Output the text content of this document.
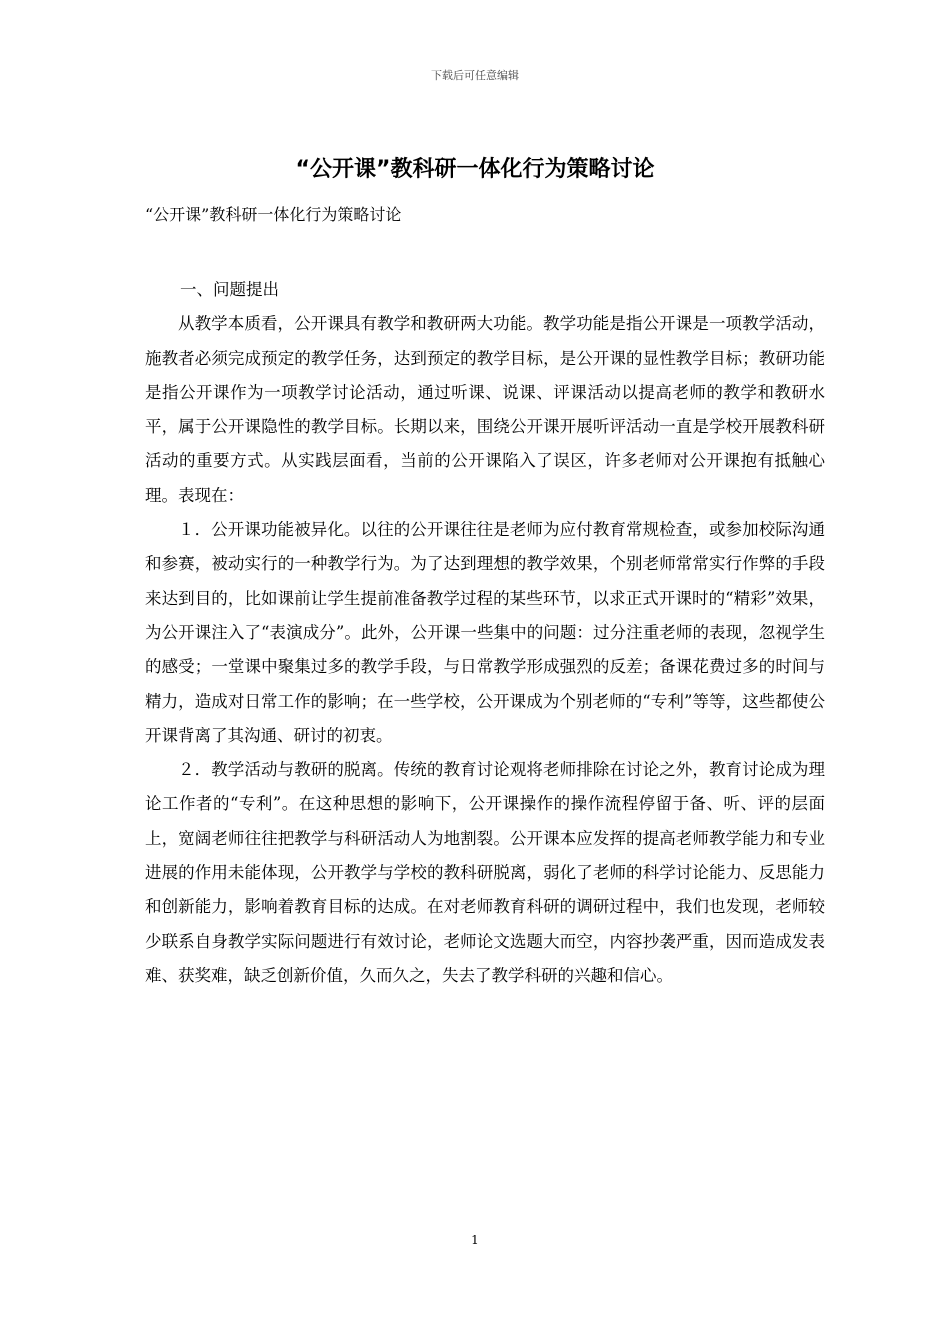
下载后可任意编辑
“公开课”教科研一体化行为策略讨论
“公开课”教科研一体化行为策略讨论

一、问题提出

从教学本质看，公开课具有教学和教研两大功能。教学功能是指公开课是一项教学活动，施教者必须完成预定的教学任务，达到预定的教学目标，是公开课的显性教学目标；教研功能是指公开课作为一项教学讨论活动，通过听课、说课、评课活动以提高老师的教学和教研水平，属于公开课隐性的教学目标。长期以来，围绕公开课开展听评活动一直是学校开展教科研活动的重要方式。从实践层面看，当前的公开课陷入了误区，许多老师对公开课抱有抵触心理。表现在：

１．公开课功能被异化。以往的公开课往往是老师为应付教育常规检查，或参加校际沟通和参赛，被动实行的一种教学行为。为了达到理想的教学效果，个别老师常常实行作弊的手段来达到目的，比如课前让学生提前准备教学过程的某些环节，以求正式开课时的“精彩”效果，为公开课注入了“表演成分”。此外，公开课一些集中的问题：过分注重老师的表现，忽视学生的感受；一堂课中聚集过多的教学手段，与日常教学形成强烈的反差；备课花费过多的时间与精力，造成对日常工作的影响；在一些学校，公开课成为个别老师的“专利”等等，这些都使公开课背离了其沟通、研讨的初衷。

２．教学活动与教研的脱离。传统的教育讨论观将老师排除在讨论之外，教育讨论成为理论工作者的“专利”。在这种思想的影响下，公开课操作的操作流程停留于备、听、评的层面上，宽阔老师往往把教学与科研活动人为地割裂。公开课本应发挥的提高老师教学能力和专业进展的作用未能体现，公开教学与学校的教科研脱离，弱化了老师的科学讨论能力、反思能力和创新能力，影响着教育目标的达成。在对老师教育科研的调研过程中，我们也发现，老师较少联系自身教学实际问题进行有效讨论，老师论文选题大而空，内容抄袭严重，因而造成发表难、获奖难，缺乏创新价值，久而久之，失去了教学科研的兴趣和信心。

1
